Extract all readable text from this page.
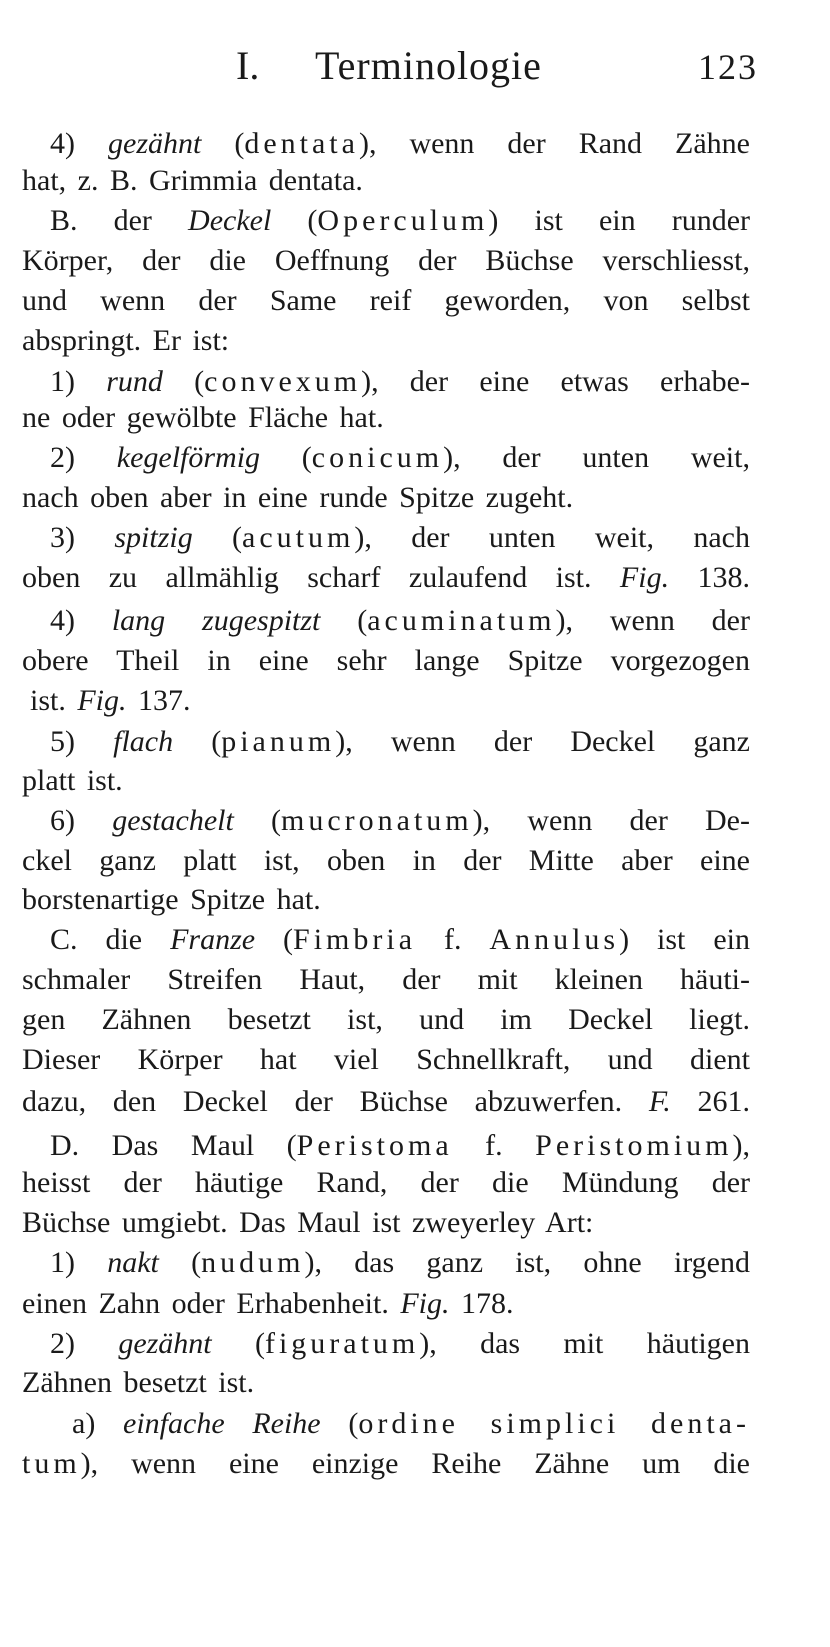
I. Terminologie	123
4) gezähnt (dentata), wenn der Rand Zähne
hat, z. B. Grimmia dentata.
B. der Deckel (Operculum) ist ein runder
Körper, der die Oeffnung der Büchse verschliesst,
und wenn der Same reif geworden, von selbst
abspringt. Er ist:
1) rund (convexum), der eine etwas erhabe-
ne oder gewölbte Fläche hat.
2) kegelförmig (conicum), der unten weit,
nach oben aber in eine runde Spitze zugeht.
3) spitzig (acutum), der unten weit, nach
oben zu allmählig scharf zulaufend ist. Fig. 138.
4) lang zugespitzt (acuminatum), wenn der
obere Theil in eine sehr lange Spitze vorgezogen
ist. Fig. 137.
5) flach (pianum), wenn der Deckel ganz
platt ist.
6) gestachelt (mucronatum), wenn der De-
ckel ganz platt ist, oben in der Mitte aber eine
borstenartige Spitze hat.
C. die Franze (Fimbria f. Annulus) ist ein
schmaler Streifen Haut, der mit kleinen häuti-
gen Zähnen besetzt ist, und im Deckel liegt.
Dieser Körper hat viel Schnellkraft, und dient
dazu, den Deckel der Büchse abzuwerfen. F. 261.
D. Das Maul (Peristoma f. Peristomium),
heisst der häutige Rand, der die Mündung der
Büchse umgiebt. Das Maul ist zweyerley Art:
1) nakt (nudum), das ganz ist, ohne irgend
einen Zahn oder Erhabenheit. Fig. 178.
2) gezähnt (figuratum), das mit häutigen
Zähnen besetzt ist.
a) einfache Reihe (ordine simplici denta-
tum), wenn eine einzige Reihe Zähne um die
